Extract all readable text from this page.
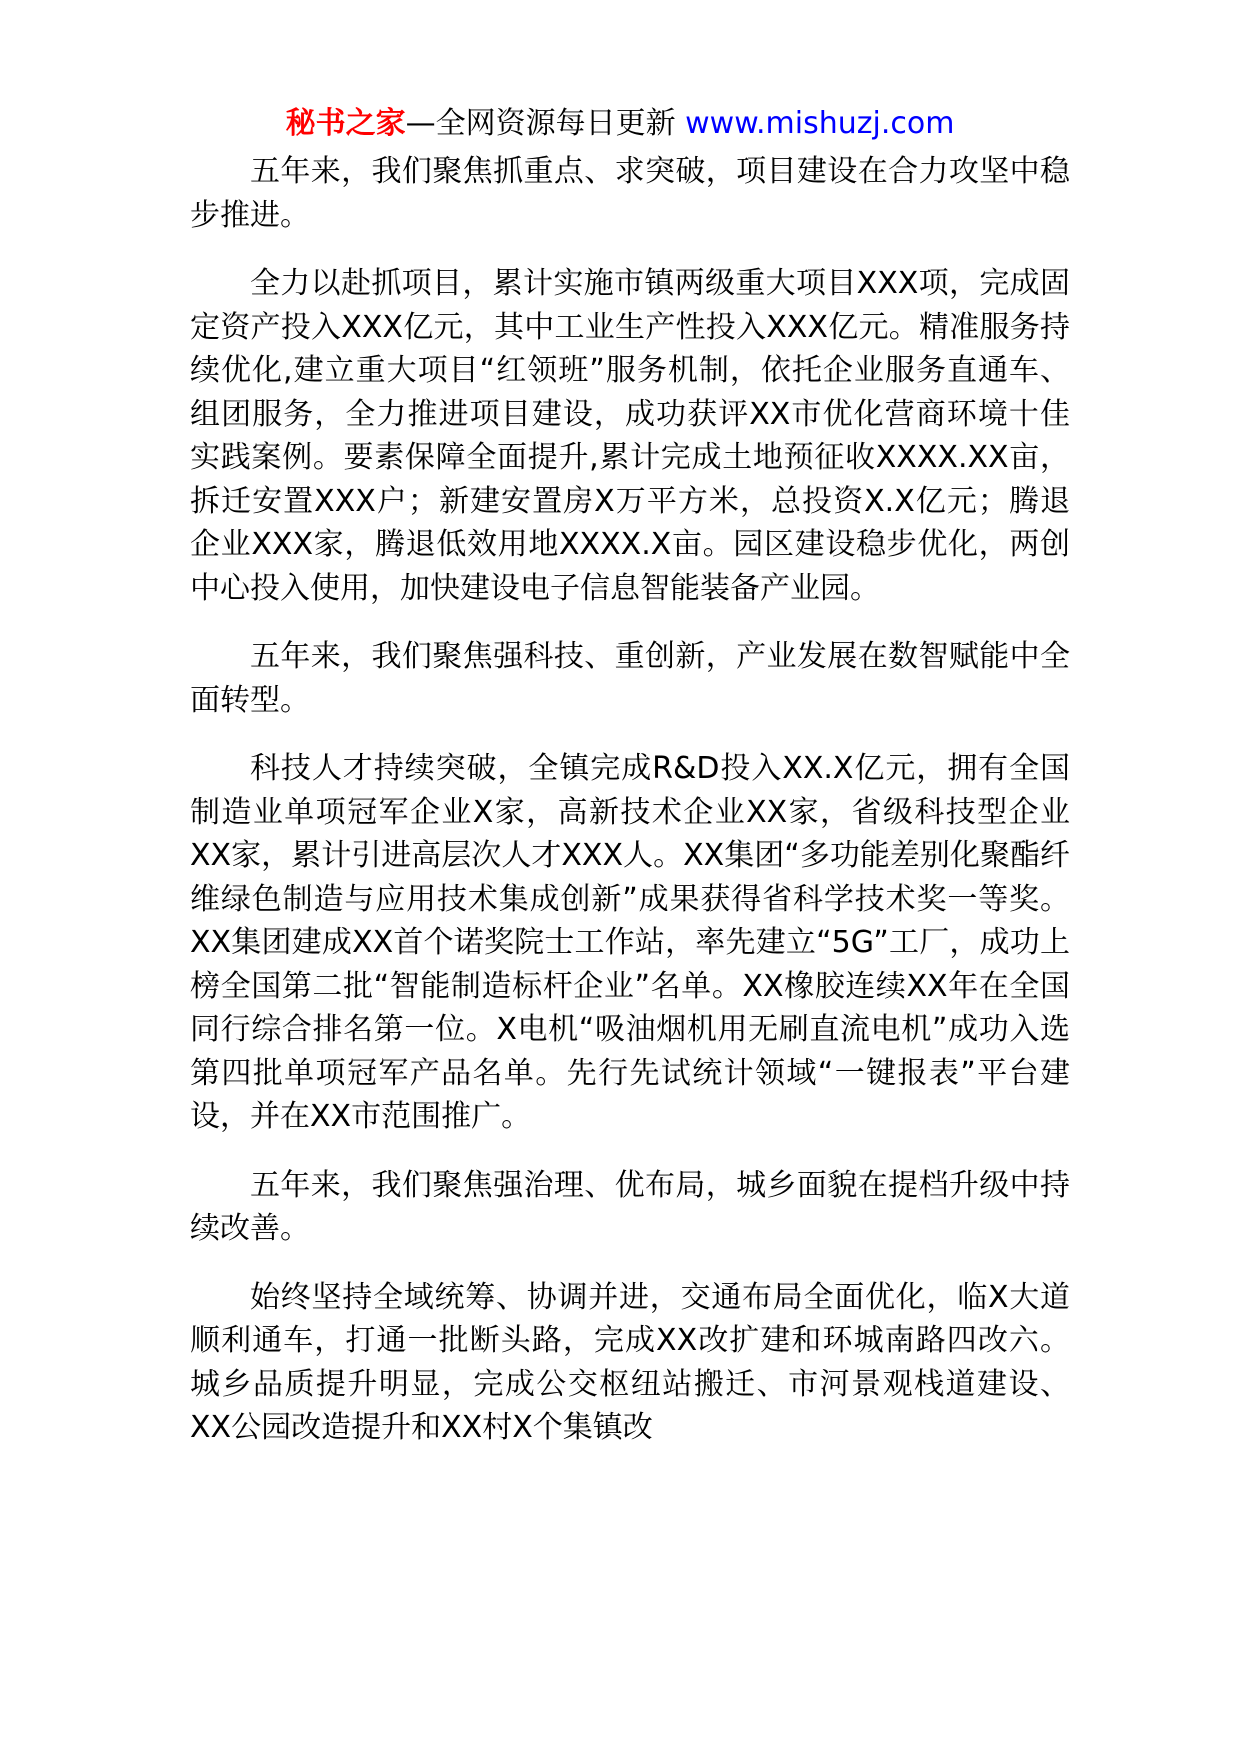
秘书之家—全网资源每日更新 www.mishuzj.com

五年来，我们聚焦抓重点、求突破，项目建设在合力攻坚中稳步推进。

全力以赴抓项目，累计实施市镇两级重大项目XXX项，完成固定资产投入XXX亿元，其中工业生产性投入XXX亿元。精准服务持续优化,建立重大项目“红领班”服务机制，依托企业服务直通车、组团服务，全力推进项目建设，成功获评XX市优化营商环境十佳实践案例。要素保障全面提升,累计完成土地预征收XXXX.XX亩，拆迁安置XXX户；新建安置房X万平方米，总投资X.X亿元；腾退企业XXX家，腾退低效用地XXXX.X亩。园区建设稳步优化，两创中心投入使用，加快建设电子信息智能装备产业园。

五年来，我们聚焦强科技、重创新，产业发展在数智赋能中全面转型。

科技人才持续突破，全镇完成R&D投入XX.X亿元，拥有全国制造业单项冠军企业X家，高新技术企业XX家，省级科技型企业XX家，累计引进高层次人才XXX人。XX集团“多功能差别化聚酯纤维绿色制造与应用技术集成创新”成果获得省科学技术奖一等奖。XX集团建成XX首个诺奖院士工作站，率先建立“5G”工厂，成功上榜全国第二批“智能制造标杆企业”名单。XX橡胶连续XX年在全国同行综合排名第一位。X电机“吸油烟机用无刷直流电机”成功入选第四批单项冠军产品名单。先行先试统计领域“一键报表”平台建设，并在XX市范围推广。

五年来，我们聚焦强治理、优布局，城乡面貌在提档升级中持续改善。

始终坚持全域统筹、协调并进，交通布局全面优化，临X大道顺利通车，打通一批断头路，完成XX改扩建和环城南路四改六。城乡品质提升明显，完成公交枢纽站搬迁、市河景观栈道建设、XX公园改造提升和XX村X个集镇改
